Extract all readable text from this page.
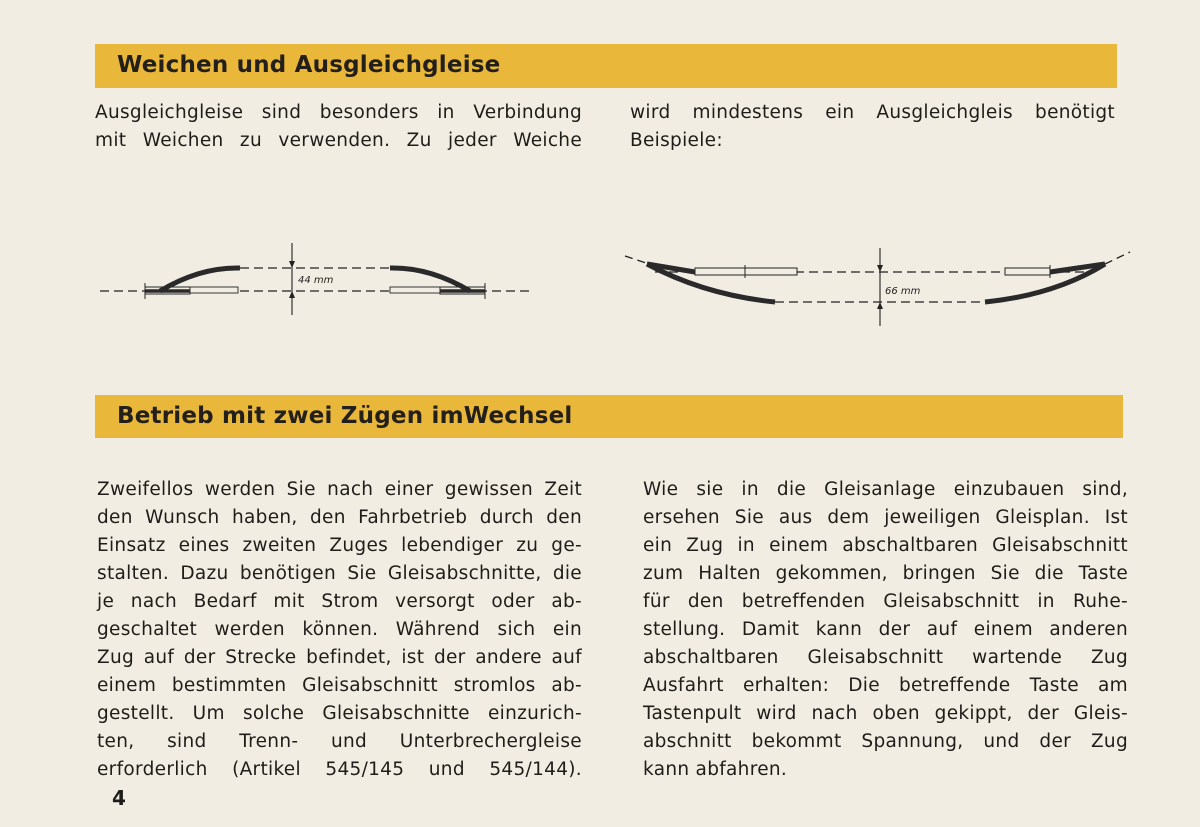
Weichen und Ausgleichgleise
Ausgleichgleise sind besonders in Verbindung
mit Weichen zu verwenden. Zu jeder Weiche
wird mindestens ein Ausgleichgleis benötigt
Beispiele:
44 mm
66 mm
Betrieb mit zwei Zügen imWechsel
Zweifellos werden Sie nach einer gewissen Zeit
den Wunsch haben, den Fahrbetrieb durch den
Einsatz eines zweiten Zuges lebendiger zu ge-
stalten. Dazu benötigen Sie Gleisabschnitte, die
je nach Bedarf mit Strom versorgt oder ab-
geschaltet werden können. Während sich ein
Zug auf der Strecke befindet, ist der andere auf
einem bestimmten Gleisabschnitt stromlos ab-
gestellt. Um solche Gleisabschnitte einzurich-
ten, sind Trenn- und Unterbrechergleise
erforderlich (Artikel 545/145 und 545/144).
Wie sie in die Gleisanlage einzubauen sind,
ersehen Sie aus dem jeweiligen Gleisplan. Ist
ein Zug in einem abschaltbaren Gleisabschnitt
zum Halten gekommen, bringen Sie die Taste
für den betreffenden Gleisabschnitt in Ruhe-
stellung. Damit kann der auf einem anderen
abschaltbaren Gleisabschnitt wartende Zug
Ausfahrt erhalten: Die betreffende Taste am
Tastenpult wird nach oben gekippt, der Gleis-
abschnitt bekommt Spannung, und der Zug
kann abfahren.
4
